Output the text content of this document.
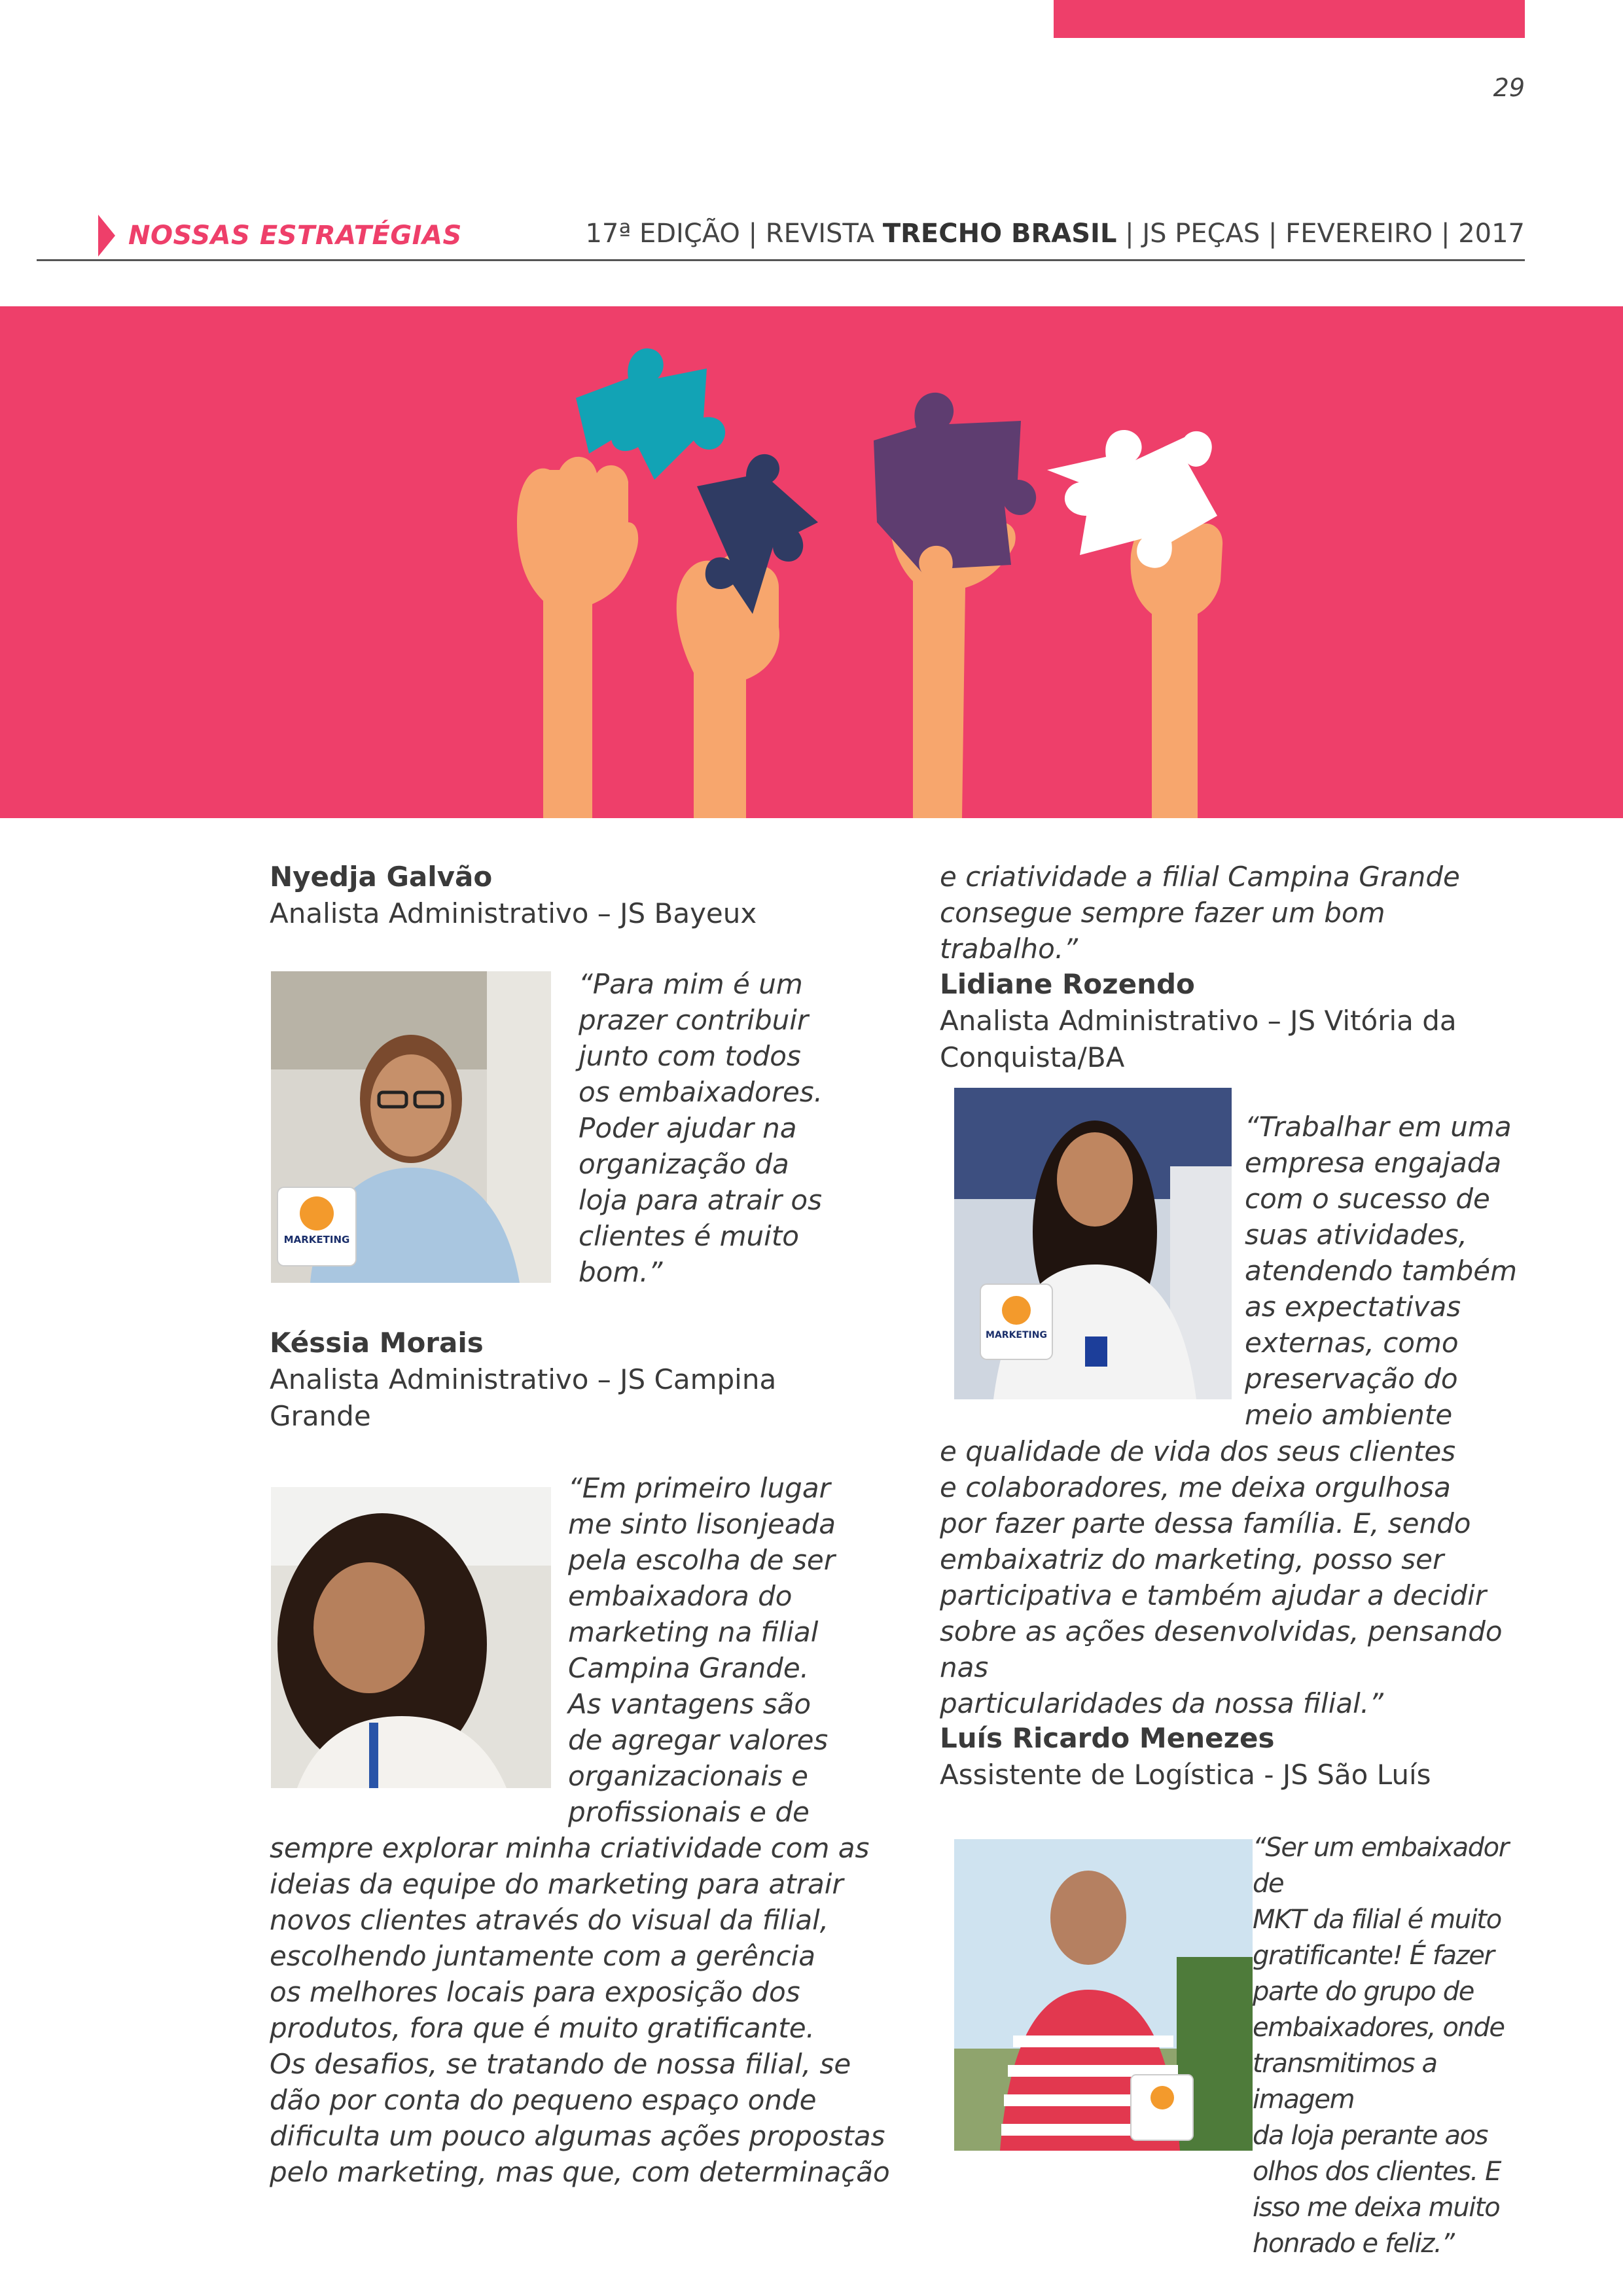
29
NOSSAS ESTRATÉGIAS	17ª EDIÇÃO | REVISTA TRECHO BRASIL | JS PEÇAS | FEVEREIRO | 2017
Nyedja Galvão
Analista Administrativo – JS Bayeux
MARKETING
“Para mim é um
prazer contribuir
junto com todos
os embaixadores.
Poder ajudar na
organização da
loja para atrair os
clientes é muito
bom.”
Késsia Morais
Analista Administrativo – JS Campina
Grande
“Em primeiro lugar
me sinto lisonjeada
pela escolha de ser
embaixadora do
marketing na filial
Campina Grande.
As vantagens são
de agregar valores
organizacionais e
profissionais e de
sempre explorar minha criatividade com as
ideias da equipe do marketing para atrair
novos clientes através do visual da filial,
escolhendo juntamente com a gerência
os melhores locais para exposição dos
produtos, fora que é muito gratificante.
Os desafios, se tratando de nossa filial, se
dão por conta do pequeno espaço onde
dificulta um pouco algumas ações propostas
pelo marketing, mas que, com determinação
e criatividade a filial Campina Grande
consegue sempre fazer um bom trabalho.”
Lidiane Rozendo
Analista Administrativo – JS Vitória da
Conquista/BA
MARKETING
“Trabalhar em uma
empresa engajada
com o sucesso de
suas atividades,
atendendo também
as expectativas
externas, como
preservação do
meio ambiente
e qualidade de vida dos seus clientes
e colaboradores, me deixa orgulhosa
por fazer parte dessa família. E, sendo
embaixatriz do marketing, posso ser
participativa e também ajudar a decidir
sobre as ações desenvolvidas, pensando nas
particularidades da nossa filial.”
Luís Ricardo Menezes
Assistente de Logística - JS São Luís
“Ser um embaixador de
MKT da filial é muito
gratificante! É fazer
parte do grupo de
embaixadores, onde
transmitimos a imagem
da loja perante aos
olhos dos clientes. E
isso me deixa muito
honrado e feliz.”
